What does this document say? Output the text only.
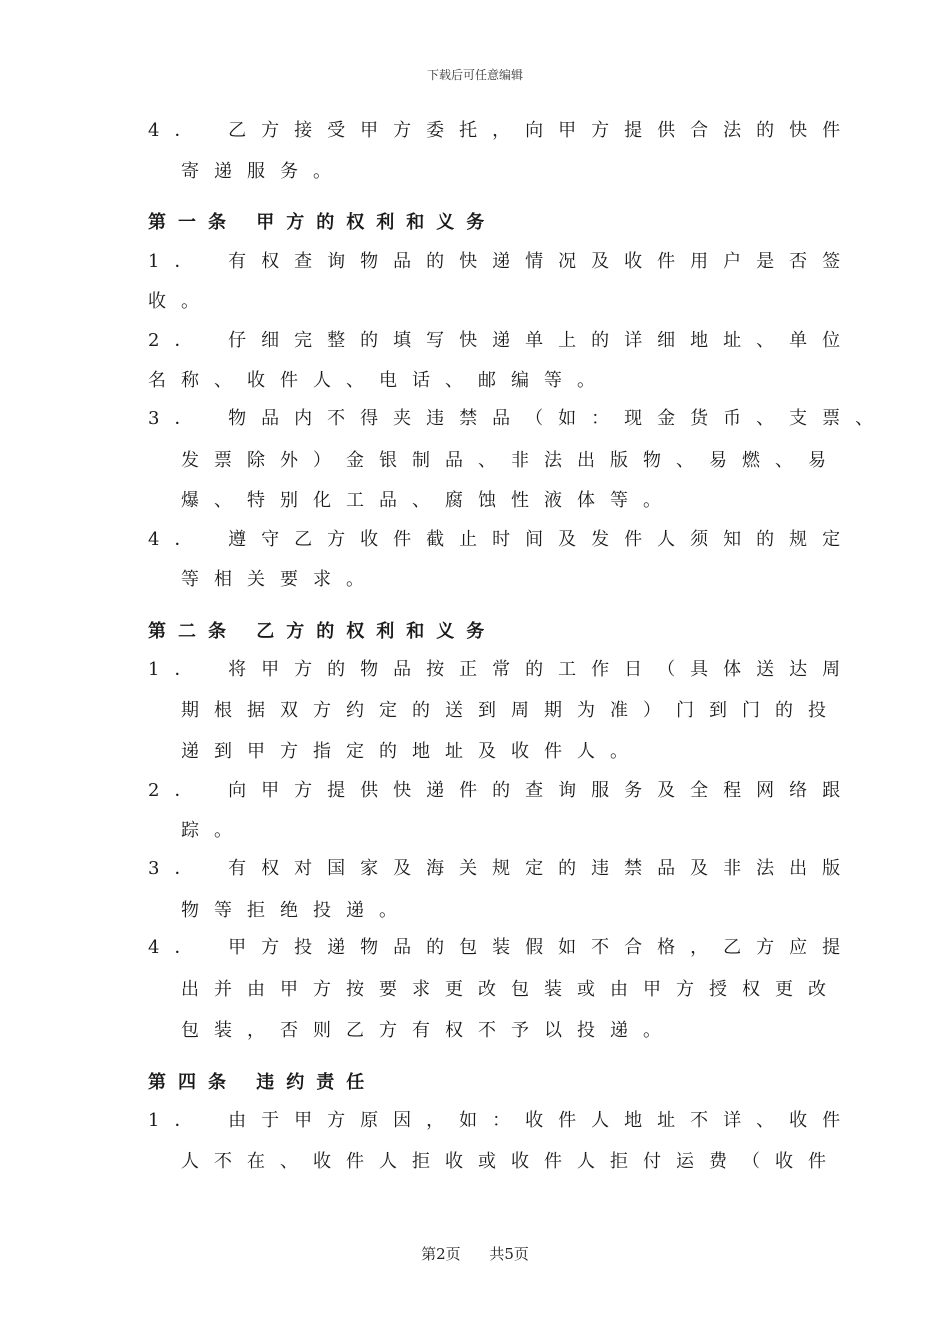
下载后可任意编辑
4． 乙方接受甲方委托，向甲方提供合法的快件
寄递服务。
第一条 甲方的权利和义务
1． 有权查询物品的快递情况及收件用户是否签
收。
2． 仔细完整的填写快递单上的详细地址、单位
名称、收件人、电话、邮编等。
3． 物品内不得夹违禁品（如：现金货币、支票、
发票除外）金银制品、非法出版物、易燃、易
爆、特别化工品、腐蚀性液体等。
4． 遵守乙方收件截止时间及发件人须知的规定
等相关要求。
第二条 乙方的权利和义务
1． 将甲方的物品按正常的工作日（具体送达周
期根据双方约定的送到周期为准）门到门的投
递到甲方指定的地址及收件人。
2． 向甲方提供快递件的查询服务及全程网络跟
踪。
3． 有权对国家及海关规定的违禁品及非法出版
物等拒绝投递。
4． 甲方投递物品的包装假如不合格，乙方应提
出并由甲方按要求更改包装或由甲方授权更改
包装，否则乙方有权不予以投递。
第四条 违约责任
1． 由于甲方原因，如：收件人地址不详、收件
人不在、收件人拒收或收件人拒付运费（收件
第2页 共5页
